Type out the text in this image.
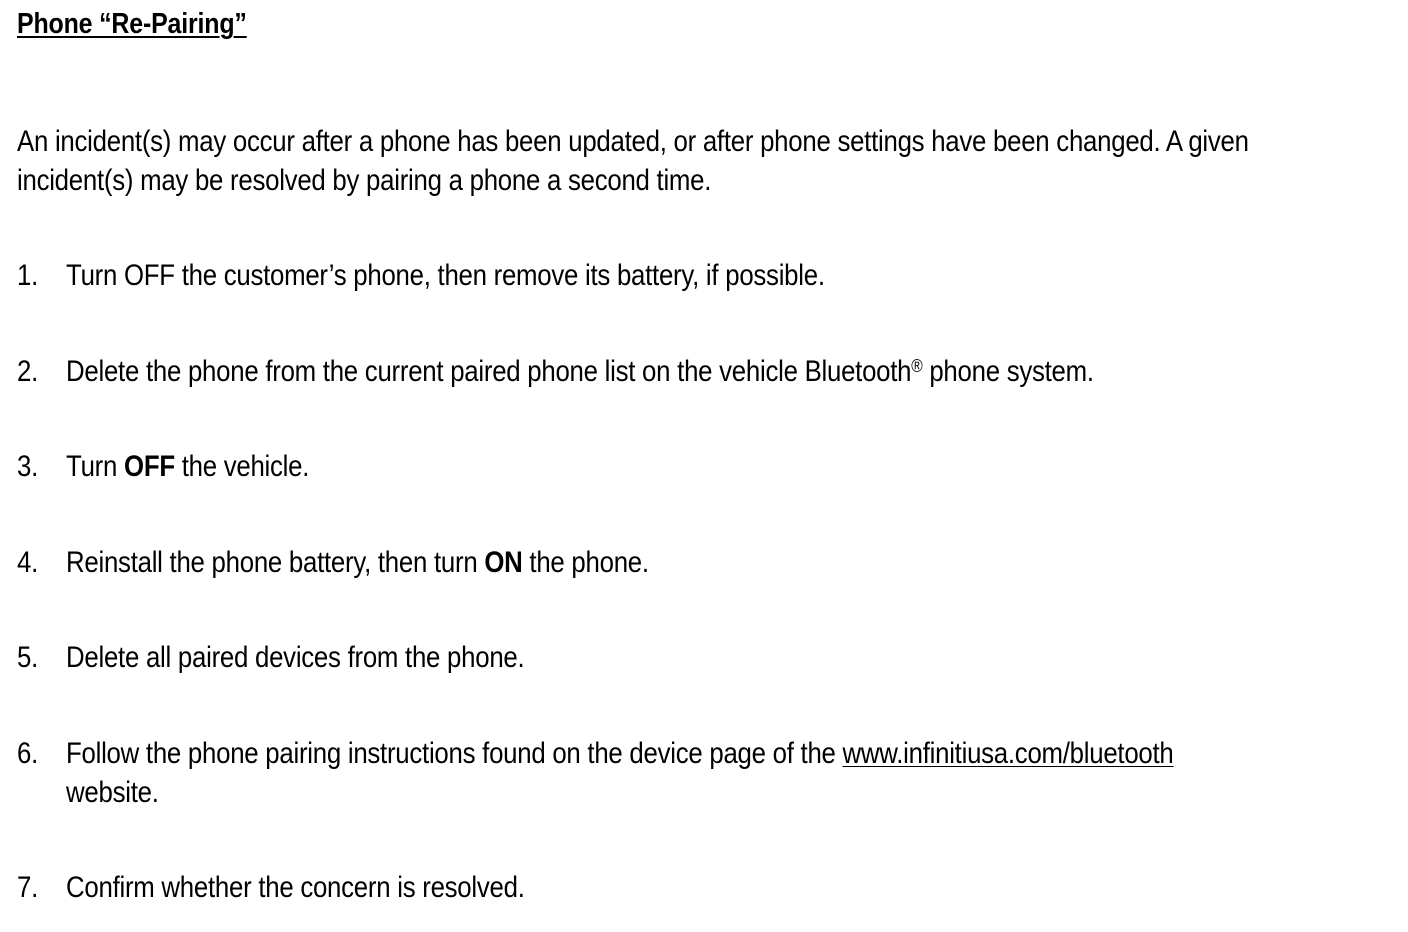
Phone “Re-Pairing”
An incident(s) may occur after a phone has been updated, or after phone settings have been changed. A given
incident(s) may be resolved by pairing a phone a second time.
1. Turn OFF the customer’s phone, then remove its battery, if possible.
2. Delete the phone from the current paired phone list on the vehicle Bluetooth® phone system.
3. Turn OFF the vehicle.
4. Reinstall the phone battery, then turn ON the phone.
5. Delete all paired devices from the phone.
6. Follow the phone pairing instructions found on the device page of the www.infinitiusa.com/bluetooth
website.
7. Confirm whether the concern is resolved.
